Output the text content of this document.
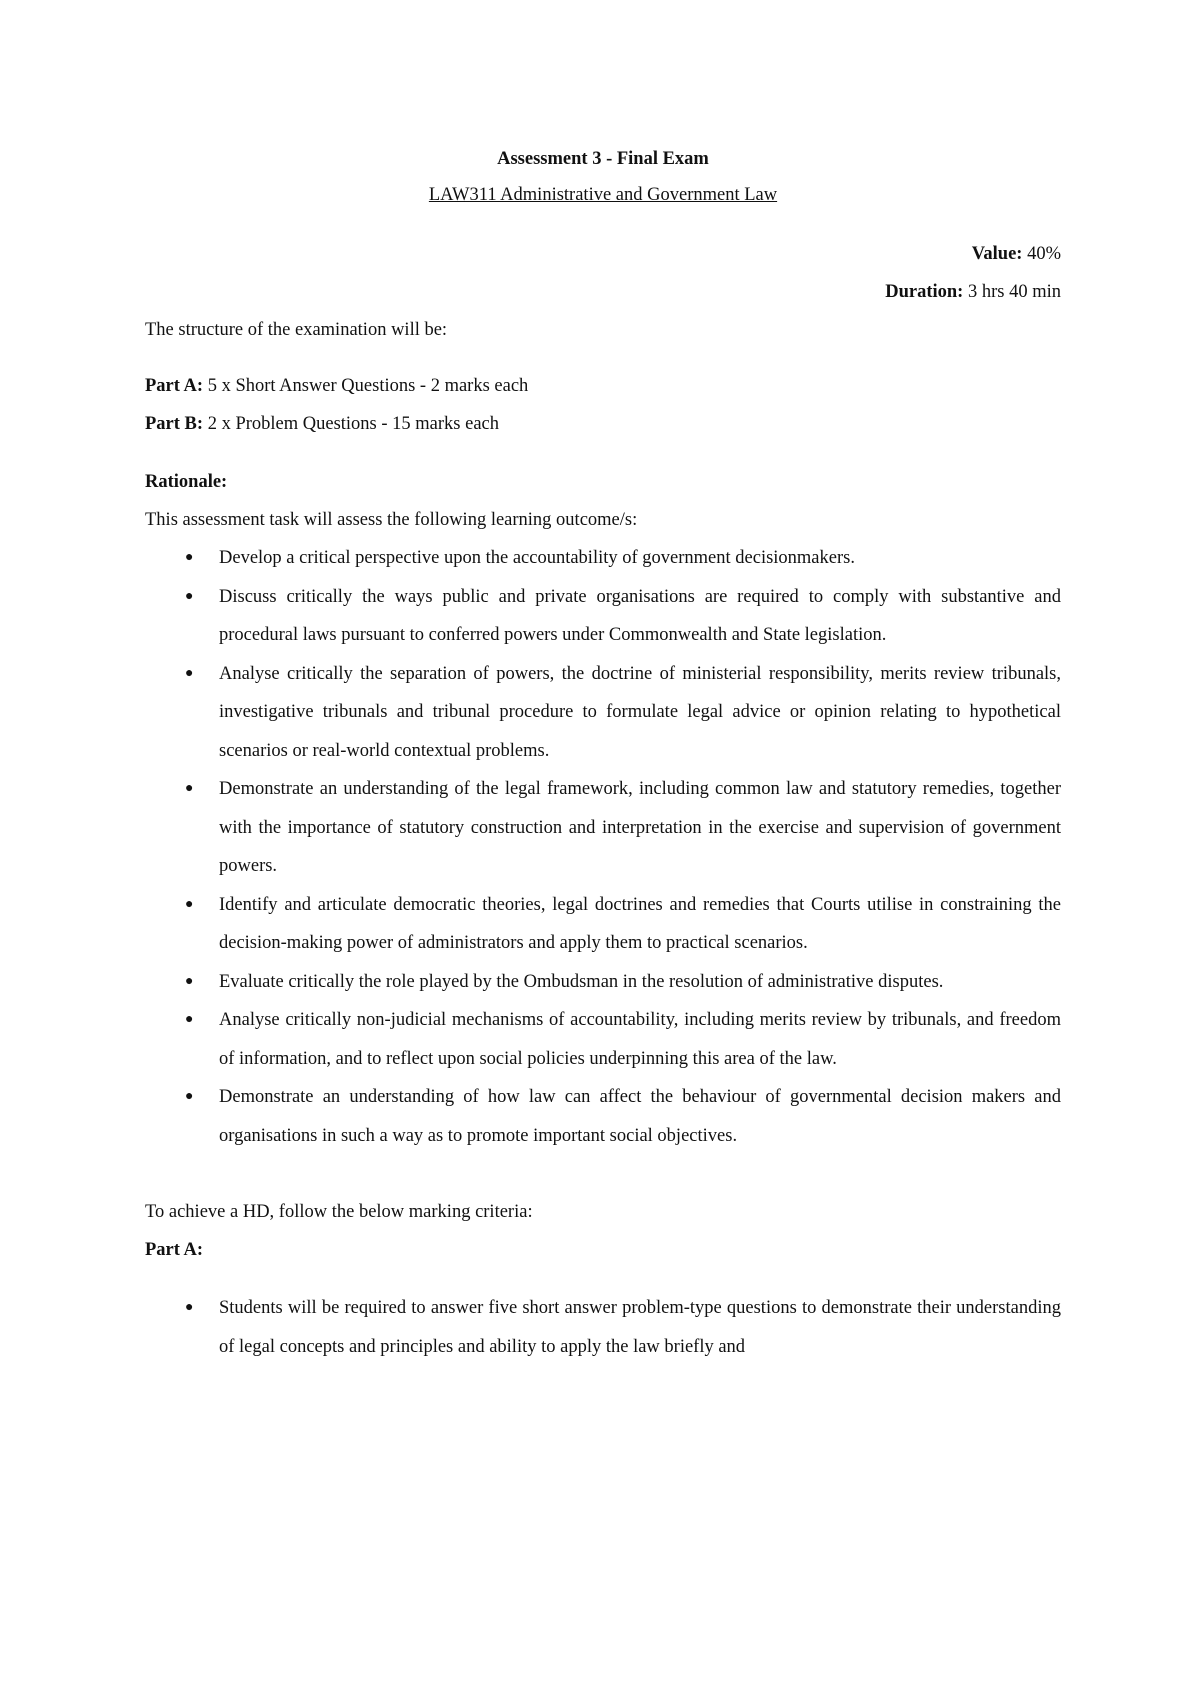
Assessment 3 - Final Exam

LAW311 Administrative and Government Law

Value: 40%

Duration: 3 hrs 40 min

The structure of the examination will be:

Part A: 5 x Short Answer Questions - 2 marks each

Part B: 2 x Problem Questions - 15 marks each

Rationale:

This assessment task will assess the following learning outcome/s:

● Develop a critical perspective upon the accountability of government decisionmakers.
● Discuss critically the ways public and private organisations are required to comply with substantive and procedural laws pursuant to conferred powers under Commonwealth and State legislation.
● Analyse critically the separation of powers, the doctrine of ministerial responsibility, merits review tribunals, investigative tribunals and tribunal procedure to formulate legal advice or opinion relating to hypothetical scenarios or real-world contextual problems.
● Demonstrate an understanding of the legal framework, including common law and statutory remedies, together with the importance of statutory construction and interpretation in the exercise and supervision of government powers.
● Identify and articulate democratic theories, legal doctrines and remedies that Courts utilise in constraining the decision-making power of administrators and apply them to practical scenarios.
● Evaluate critically the role played by the Ombudsman in the resolution of administrative disputes.
● Analyse critically non-judicial mechanisms of accountability, including merits review by tribunals, and freedom of information, and to reflect upon social policies underpinning this area of the law.
● Demonstrate an understanding of how law can affect the behaviour of governmental decision makers and organisations in such a way as to promote important social objectives.

To achieve a HD, follow the below marking criteria:

Part A:

● Students will be required to answer five short answer problem-type questions to demonstrate their understanding of legal concepts and principles and ability to apply the law briefly and
